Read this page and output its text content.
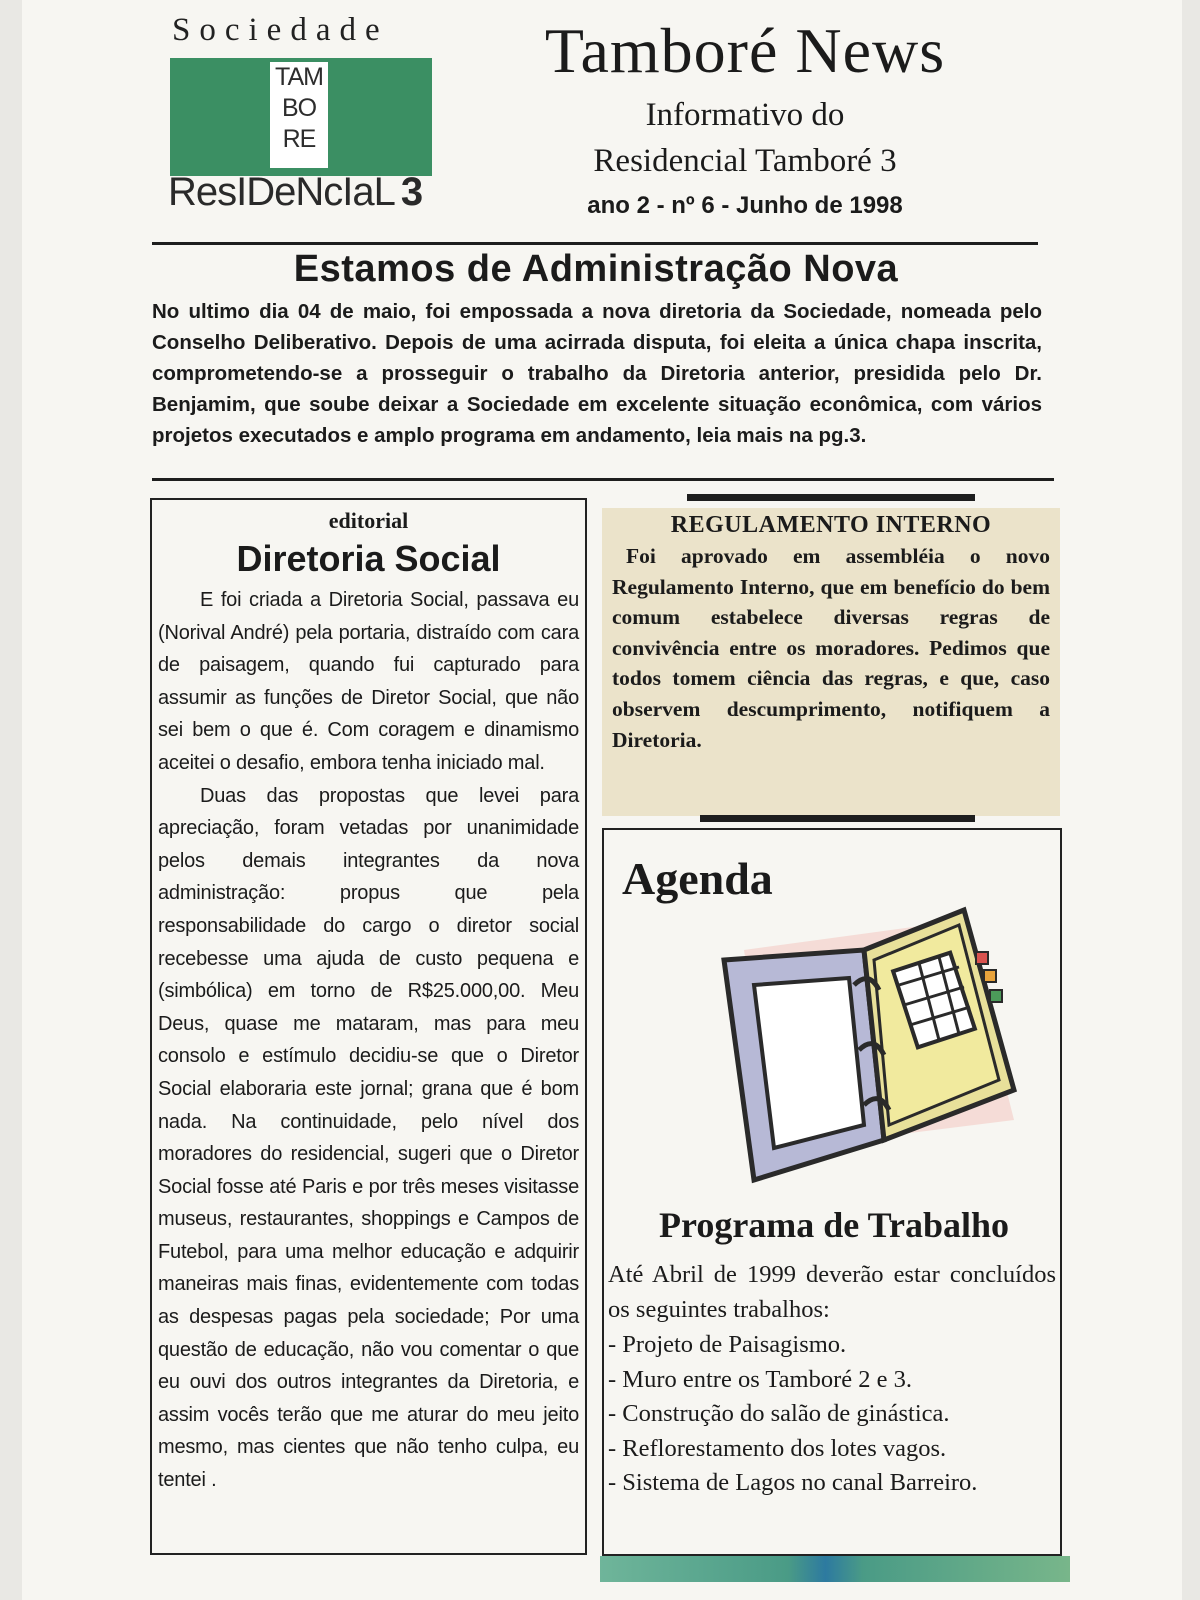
Sociedade
TAM
BO
RE
ResIDeNcIaL 3
Tamboré News
Informativo do
Residencial Tamboré 3
ano 2 - nº 6 - Junho de 1998
Estamos de Administração Nova
No ultimo dia 04 de maio, foi empossada a nova diretoria da Sociedade, nomeada pelo Conselho Deliberativo. Depois de uma acirrada disputa, foi eleita a única chapa inscrita, comprometendo-se a prosseguir o trabalho da Diretoria anterior, presidida pelo Dr. Benjamim, que soube deixar a Sociedade em excelente situação econômica, com vários projetos executados e amplo programa em andamento, leia mais na pg.3.
editorial
Diretoria Social

E foi criada a Diretoria Social, passava eu (Norival André) pela portaria, distraído com cara de paisagem, quando fui capturado para assumir as funções de Diretor Social, que não sei bem o que é. Com coragem e dinamismo aceitei o desafio, embora tenha iniciado mal.

Duas das propostas que levei para apreciação, foram vetadas por unanimidade pelos demais integrantes da nova administração: propus que pela responsabilidade do cargo o diretor social recebesse uma ajuda de custo pequena e (simbólica) em torno de R$25.000,00. Meu Deus, quase me mataram, mas para meu consolo e estímulo decidiu-se que o Diretor Social elaboraria este jornal; grana que é bom nada. Na continuidade, pelo nível dos moradores do residencial, sugeri que o Diretor Social fosse até Paris e por três meses visitasse museus, restaurantes, shoppings e Campos de Futebol, para uma melhor educação e adquirir maneiras mais finas, evidentemente com todas as despesas pagas pela sociedade; Por uma questão de educação, não vou comentar o que eu ouvi dos outros integrantes da Diretoria, e assim vocês terão que me aturar do meu jeito mesmo, mas cientes que não tenho culpa, eu tentei .

REGULAMENTO INTERNO
Foi aprovado em assembléia o novo Regulamento Interno, que em benefício do bem comum estabelece diversas regras de convivência entre os moradores. Pedimos que todos tomem ciência das regras, e que, caso observem descumprimento, notifiquem a Diretoria.
Agenda
Programa de Trabalho
Até Abril de 1999 deverão estar concluídos os seguintes trabalhos:
- Projeto de Paisagismo.
- Muro entre os Tamboré 2 e 3.
- Construção do salão de ginástica.
- Reflorestamento dos lotes vagos.
- Sistema de Lagos no canal Barreiro.
